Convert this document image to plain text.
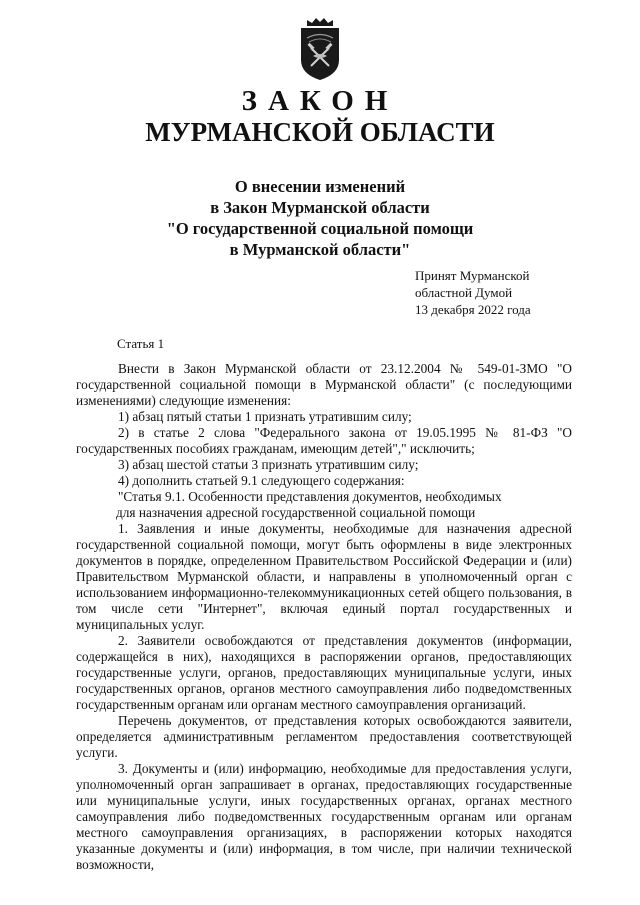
ЗАКОН
МУРМАНСКОЙ ОБЛАСТИ
О внесении изменений
в Закон Мурманской области
"О государственной социальной помощи
в Мурманской области"
Принят Мурманской
областной Думой
13 декабря 2022 года
Статья 1

Внести в Закон Мурманской области от 23.12.2004 № 549-01-ЗМО "О государственной социальной помощи в Мурманской области" (с последующими изменениями) следующие изменения:

1) абзац пятый статьи 1 признать утратившим силу;

2) в статье 2 слова "Федерального закона от 19.05.1995 № 81-ФЗ "О государственных пособиях гражданам, имеющим детей"," исключить;

3) абзац шестой статьи 3 признать утратившим силу;

4) дополнить статьей 9.1 следующего содержания:

"Статья 9.1. Особенности представления документов, необходимых

для назначения адресной государственной социальной помощи

1. Заявления и иные документы, необходимые для назначения адресной государственной социальной помощи, могут быть оформлены в виде электронных документов в порядке, определенном Правительством Российской Федерации и (или) Правительством Мурманской области, и направлены в уполномоченный орган с использованием информационно-телекоммуникационных сетей общего пользования, в том числе сети "Интернет", включая единый портал государственных и муниципальных услуг.

2. Заявители освобождаются от представления документов (информации, содержащейся в них), находящихся в распоряжении органов, предоставляющих государственные услуги, органов, предоставляющих муниципальные услуги, иных государственных органов, органов местного самоуправления либо подведомственных государственным органам или органам местного самоуправления организаций.

Перечень документов, от представления которых освобождаются заявители, определяется административным регламентом предоставления соответствующей услуги.

3. Документы и (или) информацию, необходимые для предоставления услуги, уполномоченный орган запрашивает в органах, предоставляющих государственные или муниципальные услуги, иных государственных органах, органах местного самоуправления либо подведомственных государственным органам или органам местного самоуправления организациях, в распоряжении которых находятся указанные документы и (или) информация, в том числе, при наличии технической возможности,
